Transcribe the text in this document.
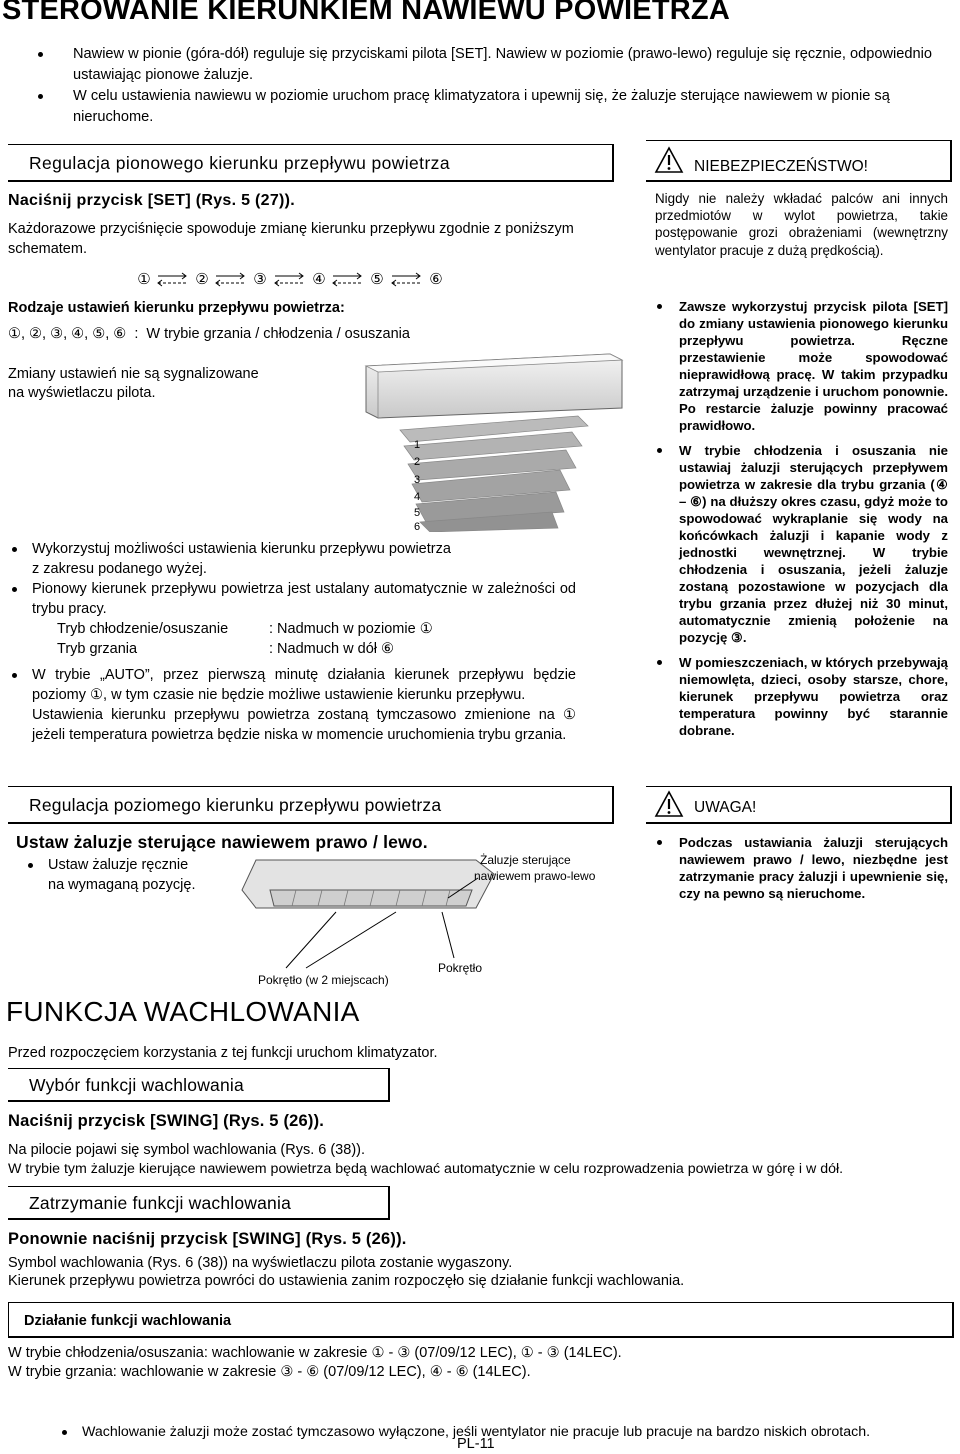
STEROWANIE KIERUNKIEM NAWIEWU POWIETRZA
Nawiew w pionie (góra-dół) reguluje się przyciskami pilota [SET]. Nawiew w poziomie (prawo-lewo) reguluje się ręcznie, odpowiednio ustawiając pionowe żaluzje.
W celu ustawienia nawiewu w poziomie uruchom pracę klimatyzatora i upewnij się, że żaluzje sterujące nawiewem w pionie są nieruchome.
Regulacja pionowego kierunku przepływu powietrza
Naciśnij przycisk [SET] (Rys. 5 (27)).
Każdorazowe przyciśnięcie spowoduje zmianę kierunku przepływu zgodnie z poniższym schematem.
①	②	③	④	⑤	⑥
Rodzaje ustawień kierunku przepływu powietrza:
①, ②, ③, ④, ⑤, ⑥  :  W trybie grzania / chłodzenia / osuszania
Zmiany ustawień nie są sygnalizowane
na wyświetlaczu pilota.
1
2
3
4
5
6
Wykorzystuj możliwości ustawienia kierunku przepływu powietrza
z zakresu podanego wyżej.
Pionowy kierunek przepływu powietrza jest ustalany automatycznie w zależności od trybu pracy.
Tryb chłodzenie/osuszanie	: Nadmuch w poziomie ①
Tryb grzania	: Nadmuch w dół ⑥
W trybie „AUTO”, przez pierwszą minutę działania kierunek przepływu będzie poziomy ①, w tym czasie nie będzie możliwe ustawienie kierunku przepływu.
Ustawienia kierunku przepływu powietrza zostaną tymczasowo zmienione na ① jeżeli temperatura powietrza będzie niska w momencie uruchomienia trybu grzania.
NIEBEZPIECZEŃSTWO!
Nigdy nie należy wkładać palców ani innych przedmiotów w wylot powietrza, takie postępowanie grozi obrażeniami (wewnętrzny wentylator pracuje z dużą prędkością).
Zawsze wykorzystuj przycisk pilota [SET] do zmiany ustawienia pionowego kierunku przepływu powietrza. Ręczne przestawienie może spowodować nieprawidłową pracę. W takim przypadku zatrzymaj urządzenie i uruchom ponownie. Po restarcie żaluzje powinny pracować prawidłowo.
W trybie chłodzenia i osuszania nie ustawiaj żaluzji sterujących przepływem powietrza w zakresie dla trybu grzania (④ – ⑥) na dłuższy okres czasu, gdyż może to spowodować wykraplanie się wody na końcówkach żaluzji i kapanie wody z jednostki wewnętrznej. W trybie chłodzenia i osuszania, jeżeli żaluzje zostaną pozostawione w pozycjach dla trybu grzania przez dłużej niż 30 minut, automatycznie zmienią położenie na pozycję ③.
W pomieszczeniach, w których przebywają niemowlęta, dzieci, osoby starsze, chore, kierunek przepływu powietrza oraz temperatura powinny być starannie dobrane.
Regulacja poziomego kierunku przepływu powietrza
Ustaw żaluzje sterujące nawiewem prawo / lewo.
Ustaw żaluzje ręcznie
na wymaganą pozycję.
Żaluzje sterujące
nawiewem prawo-lewo
Pokrętło
Pokrętło (w 2 miejscach)
UWAGA!
Podczas ustawiania żaluzji sterujących nawiewem prawo / lewo, niezbędne jest zatrzymanie pracy żaluzji i upewnienie się, czy na pewno są nieruchome.
FUNKCJA WACHLOWANIA
Przed rozpoczęciem korzystania z tej funkcji uruchom klimatyzator.
Wybór funkcji wachlowania
Naciśnij przycisk [SWING] (Rys. 5 (26)).
Na pilocie pojawi się symbol wachlowania (Rys. 6 (38)).
W trybie tym żaluzje kierujące nawiewem powietrza będą wachlować automatycznie w celu rozprowadzenia powietrza w górę i w dół.
Zatrzymanie funkcji wachlowania
Ponownie naciśnij przycisk [SWING] (Rys. 5 (26)).
Symbol wachlowania (Rys. 6 (38)) na wyświetlaczu pilota zostanie wygaszony.
Kierunek przepływu powietrza powróci do ustawienia zanim rozpoczęło się działanie funkcji wachlowania.
Działanie funkcji wachlowania
W trybie chłodzenia/osuszania: wachlowanie w zakresie ① - ③ (07/09/12 LEC), ① - ③ (14LEC).
W trybie grzania: wachlowanie w zakresie ③ - ⑥ (07/09/12 LEC), ④ - ⑥ (14LEC).
Wachlowanie żaluzji może zostać tymczasowo wyłączone, jeśli wentylator nie pracuje lub pracuje na bardzo niskich obrotach.
PL-11
